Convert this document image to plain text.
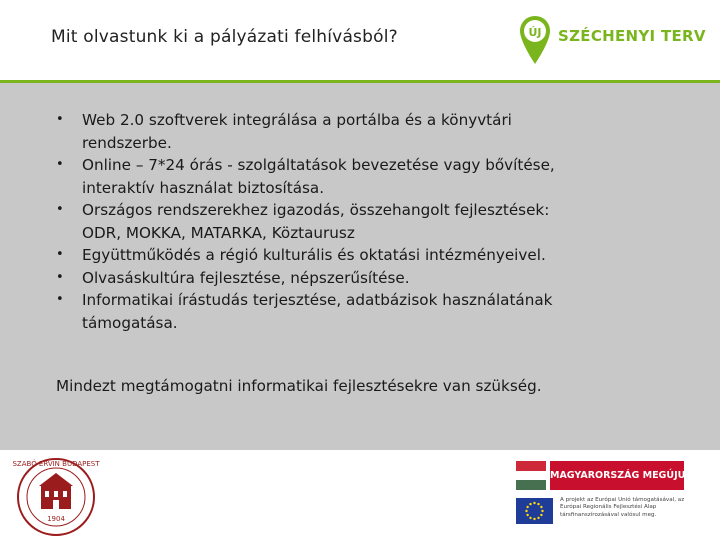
Mit olvastunk ki a pályázati felhívásból?	ÚJ SZÉCHENYI TERV
• Web 2.0 szoftverek integrálása a portálba és a könyvtári
rendszerbe.
• Online – 7*24 órás - szolgáltatások bevezetése vagy bővítése,
interaktív használat biztosítása.
• Országos rendszerekhez igazodás, összehangolt fejlesztések:
ODR, MOKKA, MATARKA, Köztaurusz
• Együttműködés a régió kulturális és oktatási intézményeivel.
• Olvasáskultúra fejlesztése, népszerűsítése.
• Informatikai írástudás terjesztése, adatbázisok használatának
támogatása.
Mindezt megtámogatni informatikai fejlesztésekre van szükség.
SZABÓ ERVIN BUDAPEST
1904
MAGYARORSZÁG MEGÚJUL
A projekt az Európai Unió támogatásával, az Európai Regionális Fejlesztési Alap társfinanszírozásával valósul meg.
